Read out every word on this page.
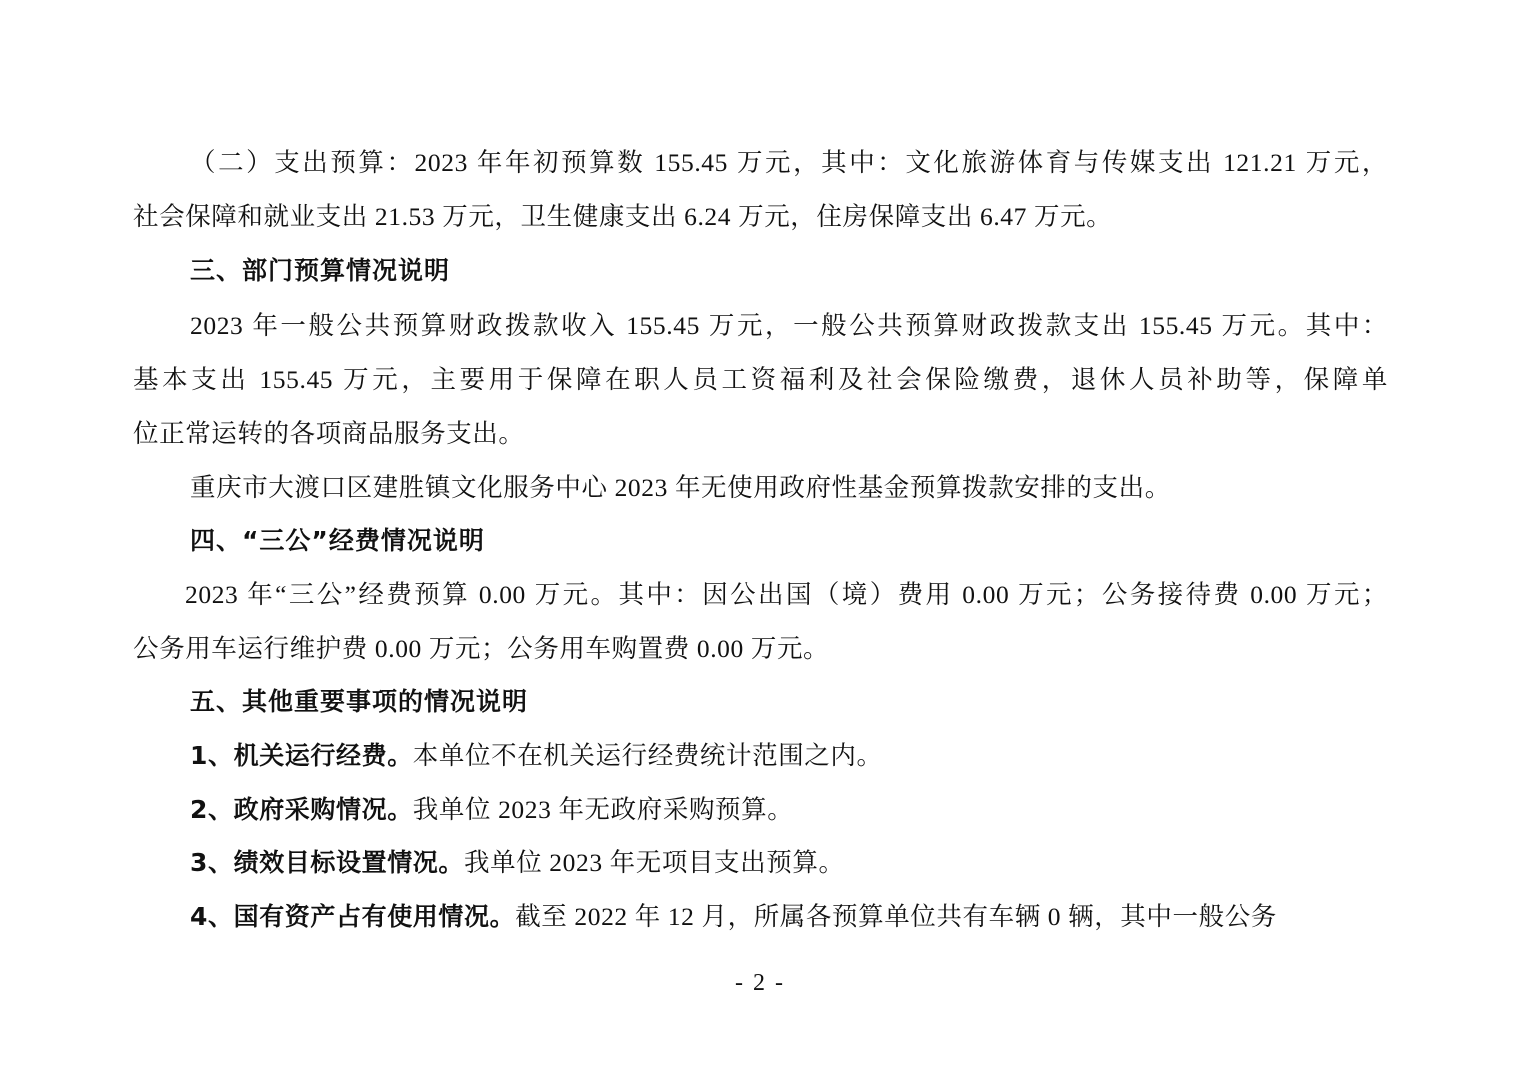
（二）支出预算：2023 年年初预算数 155.45 万元，其中：文化旅游体育与传媒支出 121.21 万元，
社会保障和就业支出 21.53 万元，卫生健康支出 6.24 万元，住房保障支出 6.47 万元。
三、部门预算情况说明
2023 年一般公共预算财政拨款收入 155.45 万元，一般公共预算财政拨款支出 155.45 万元。其中：
基本支出 155.45 万元，主要用于保障在职人员工资福利及社会保险缴费，退休人员补助等，保障单
位正常运转的各项商品服务支出。
重庆市大渡口区建胜镇文化服务中心 2023 年无使用政府性基金预算拨款安排的支出。
四、“三公”经费情况说明
2023 年“三公”经费预算 0.00 万元。其中：因公出国（境）费用 0.00 万元；公务接待费 0.00 万元；
公务用车运行维护费 0.00 万元；公务用车购置费 0.00 万元。
五、其他重要事项的情况说明
1、机关运行经费。本单位不在机关运行经费统计范围之内。
2、政府采购情况。我单位 2023 年无政府采购预算。
3、绩效目标设置情况。我单位 2023 年无项目支出预算。
4、国有资产占有使用情况。截至 2022 年 12 月，所属各预算单位共有车辆 0 辆，其中一般公务
- 2 -
